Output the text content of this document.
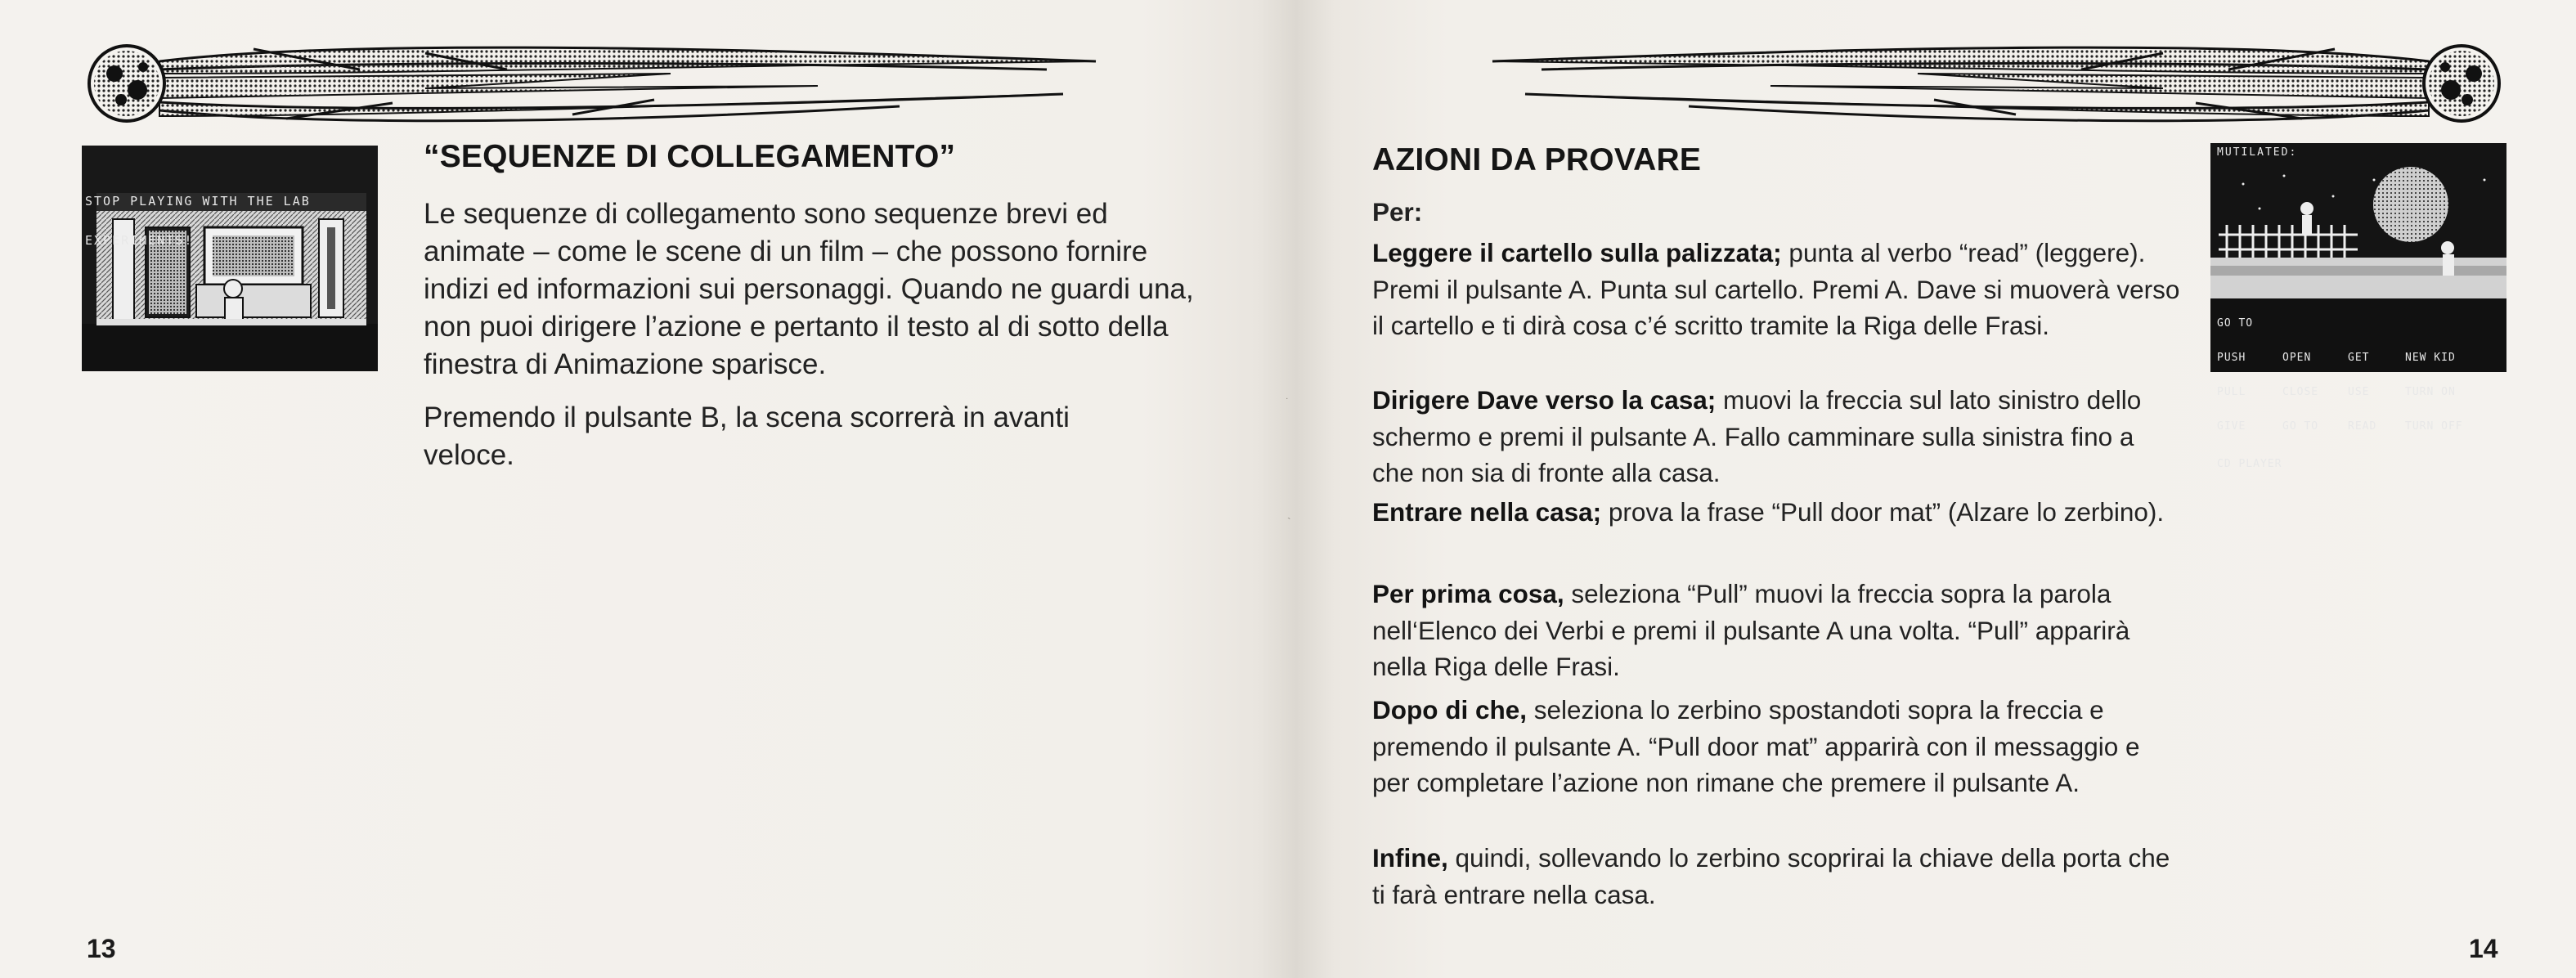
STOP PLAYING WITH THE LAB

EXPERIMENTS!

“SEQUENZE DI COLLEGAMENTO”

Le sequenze di collegamento sono sequenze brevi ed animate – come le scene di un film – che possono fornire indizi ed informazioni sui personaggi. Quando ne guardi una, non puoi dirigere l’azione e pertanto il testo al di sotto della finestra di Animazione sparisce.

Premendo il pulsante B, la scena scorrerà in avanti veloce.

13
˙
`
MUTILATED:

GO TO

PUSH	OPEN	GET	NEW KID

PULL	CLOSE	USE	TURN ON

GIVE	GO TO	READ	TURN OFF

CD PLAYER

AZIONI DA PROVARE

Per:

Leggere il cartello sulla palizzata; punta al verbo “read” (leggere). Premi il pulsante A. Punta sul cartello. Premi A. Dave si muoverà verso il cartello e ti dirà cosa c’é scritto tramite la Riga delle Frasi.

Dirigere Dave verso la casa; muovi la freccia sul lato sinistro dello schermo e premi il pulsante A. Fallo camminare sulla sinistra fino a che non sia di fronte alla casa.

Entrare nella casa; prova la frase “Pull door mat” (Alzare lo zerbino).

Per prima cosa, seleziona “Pull” muovi la freccia sopra la parola nell‘Elenco dei Verbi e premi il pulsante A una volta. “Pull” apparirà nella Riga delle Frasi.

Dopo di che, seleziona lo zerbino spostandoti sopra la freccia e premendo il pulsante A. “Pull door mat” apparirà con il messaggio e per completare l’azione non rimane che premere il pulsante A.

Infine, quindi, sollevando lo zerbino scoprirai la chiave della porta che ti farà entrare nella casa.

14
